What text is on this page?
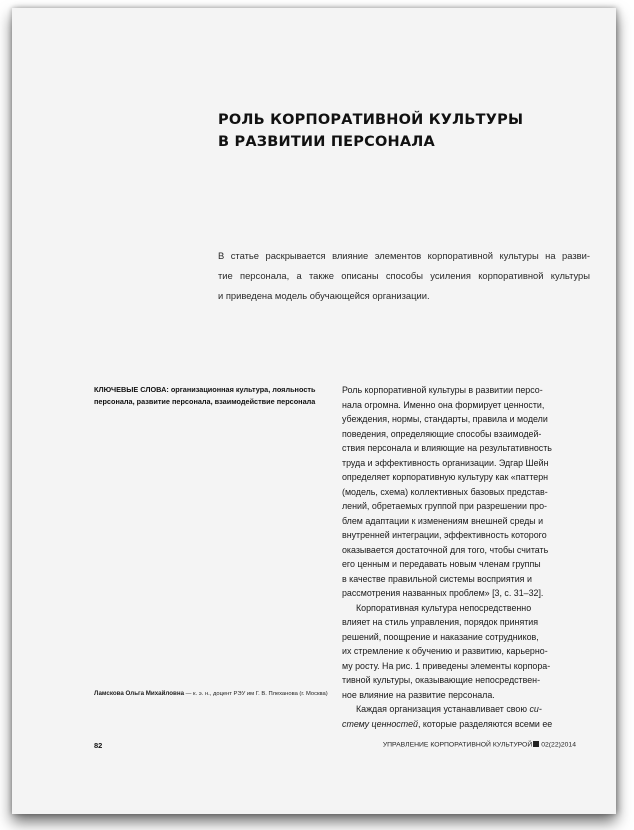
РОЛЬ КОРПОРАТИВНОЙ КУЛЬТУРЫ
В РАЗВИТИИ ПЕРСОНАЛА
В статье раскрывается влияние элементов корпоративной культуры на разви-
тие персонала, а также описаны способы усиления корпоративной культуры
и приведена модель обучающейся организации.
КЛЮЧЕВЫЕ СЛОВА: организационная культура, лояльность
персонала, развитие персонала, взаимодействие персонала
Ламскова Ольга Михайловна — к. э. н., доцент РЭУ им Г. В. Плеханова (г. Москва)
Роль корпоративной культуры в развитии персо-
нала огромна. Именно она формирует ценности,
убеждения, нормы, стандарты, правила и модели
поведения, определяющие способы взаимодей-
ствия персонала и влияющие на результативность
труда и эффективность организации. Эдгар Шейн
определяет корпоративную культуру как «паттерн
(модель, схема) коллективных базовых представ-
лений, обретаемых группой при разрешении про-
блем адаптации к изменениям внешней среды и
внутренней интеграции, эффективность которого
оказывается достаточной для того, чтобы считать
его ценным и передавать новым членам группы
в качестве правильной системы восприятия и
рассмотрения названных проблем» [3, с. 31–32].
Корпоративная культура непосредственно
влияет на стиль управления, порядок принятия
решений, поощрение и наказание сотрудников,
их стремление к обучению и развитию, карьерно-
му росту. На рис. 1 приведены элементы корпора-
тивной культуры, оказывающие непосредствен-
ное влияние на развитие персонала.
Каждая организация устанавливает свою си-
стему ценностей, которые разделяются всеми ее
82	УПРАВЛЕНИЕ КОРПОРАТИВНОЙ КУЛЬТУРОЙ 02(22)2014
